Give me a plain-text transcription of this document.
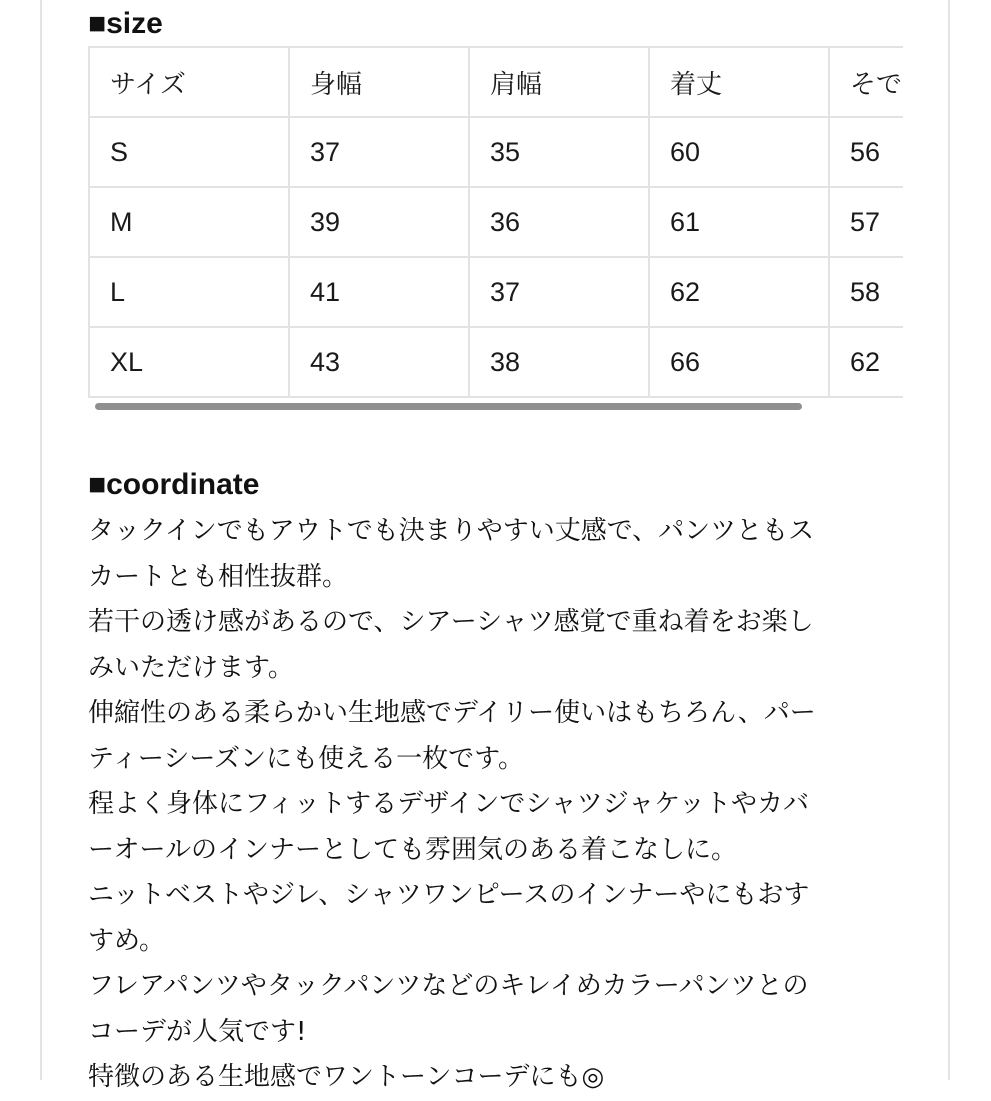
■size
サイズ	身幅	肩幅	着丈	そで
S	37	35	60	56
M	39	36	61	57
L	41	37	62	58
XL	43	38	66	62
■coordinate
タックインでもアウトでも決まりやすい丈感で、パンツともス
カートとも相性抜群。
若干の透け感があるので、シアーシャツ感覚で重ね着をお楽し
みいただけます。
伸縮性のある柔らかい生地感でデイリー使いはもちろん、パー
ティーシーズンにも使える一枚です。
程よく身体にフィットするデザインでシャツジャケットやカバ
ーオールのインナーとしても雰囲気のある着こなしに。
ニットベストやジレ、シャツワンピースのインナーやにもおす
すめ。
フレアパンツやタックパンツなどのキレイめカラーパンツとの
コーデが人気です!
特徴のある生地感でワントーンコーデにも◎
